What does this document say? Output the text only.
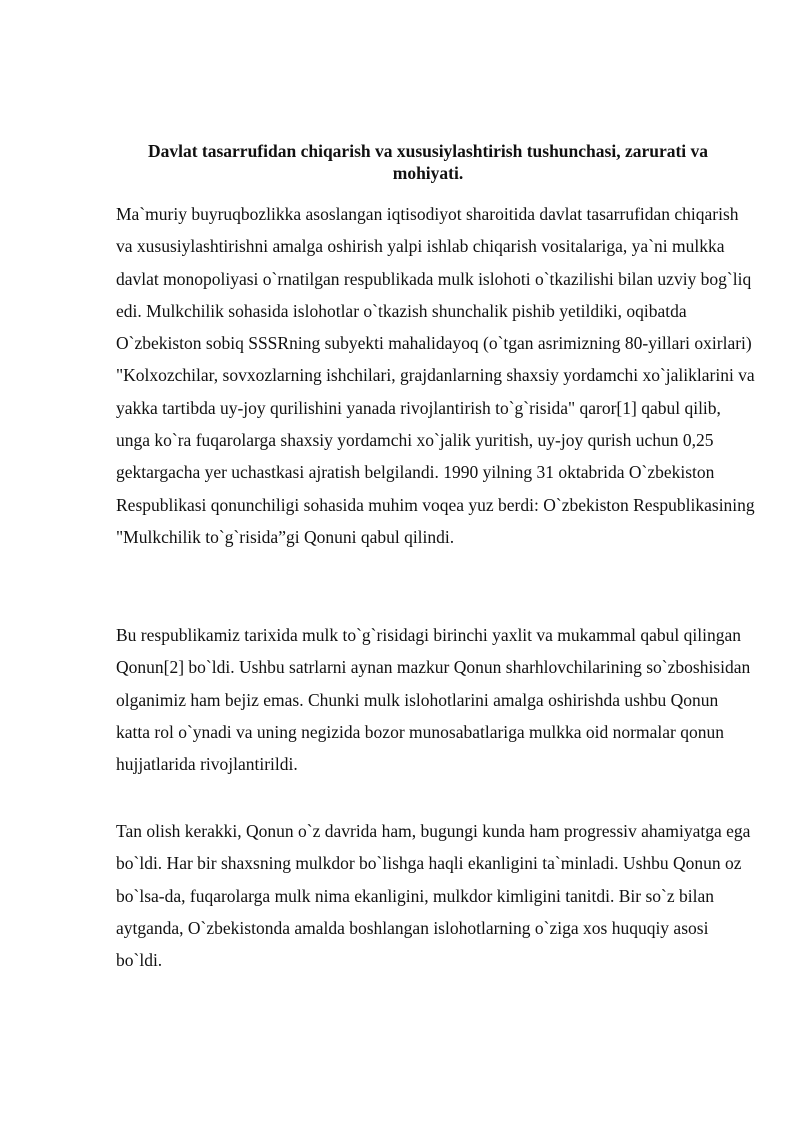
Davlat tasarrufidan chiqarish va xususiylashtirish tushunchasi, zarurati va mohiyati.

Ma`muriy buyruqbozlikka asoslangan iqtisodiyot sharoitida davlat tasarrufidan chiqarish va xususiylashtirishni amalga oshirish yalpi ishlab chiqarish vositalariga, ya`ni mulkka davlat monopoliyasi o`rnatilgan respublikada mulk islohoti o`tkazilishi bilan uzviy bog`liq edi. Mulkchilik sohasida islohotlar o`tkazish shunchalik pishib yetildiki, oqibatda O`zbekiston sobiq SSSRning subyekti mahalidayoq (o`tgan asrimizning 80-yillari oxirlari) "Kolxozchilar, sovxozlarning ishchilari, grajdanlarning shaxsiy yordamchi xo`jaliklarini va yakka tartibda uy-joy qurilishini yanada rivojlantirish to`g`risida" qaror[1] qabul qilib, unga ko`ra fuqarolarga shaxsiy yordamchi xo`jalik yuritish, uy-joy qurish uchun 0,25 gektargacha yer uchastkasi ajratish belgilandi. 1990 yilning 31 oktabrida O`zbekiston Respublikasi qonunchiligi sohasida muhim voqea yuz berdi: O`zbekiston Respublikasining "Mulkchilik to`g`risida”gi Qonuni qabul qilindi.

Bu respublikamiz tarixida mulk to`g`risidagi birinchi yaxlit va mukammal qabul qilingan Qonun[2] bo`ldi. Ushbu satrlarni aynan mazkur Qonun sharhlovchilarining so`zboshisidan olganimiz ham bejiz emas. Chunki mulk islohotlarini amalga oshirishda ushbu Qonun katta rol o`ynadi va uning negizida bozor munosabatlariga mulkka oid normalar qonun hujjatlarida rivojlantirildi.

Tan olish kerakki, Qonun o`z davrida ham, bugungi kunda ham progressiv ahamiyatga ega bo`ldi. Har bir shaxsning mulkdor bo`lishga haqli ekanligini ta`minladi. Ushbu Qonun oz bo`lsa-da, fuqarolarga mulk nima ekanligini, mulkdor kimligini tanitdi. Bir so`z bilan aytganda, O`zbekistonda amalda boshlangan islohotlarning o`ziga xos huquqiy asosi bo`ldi.
